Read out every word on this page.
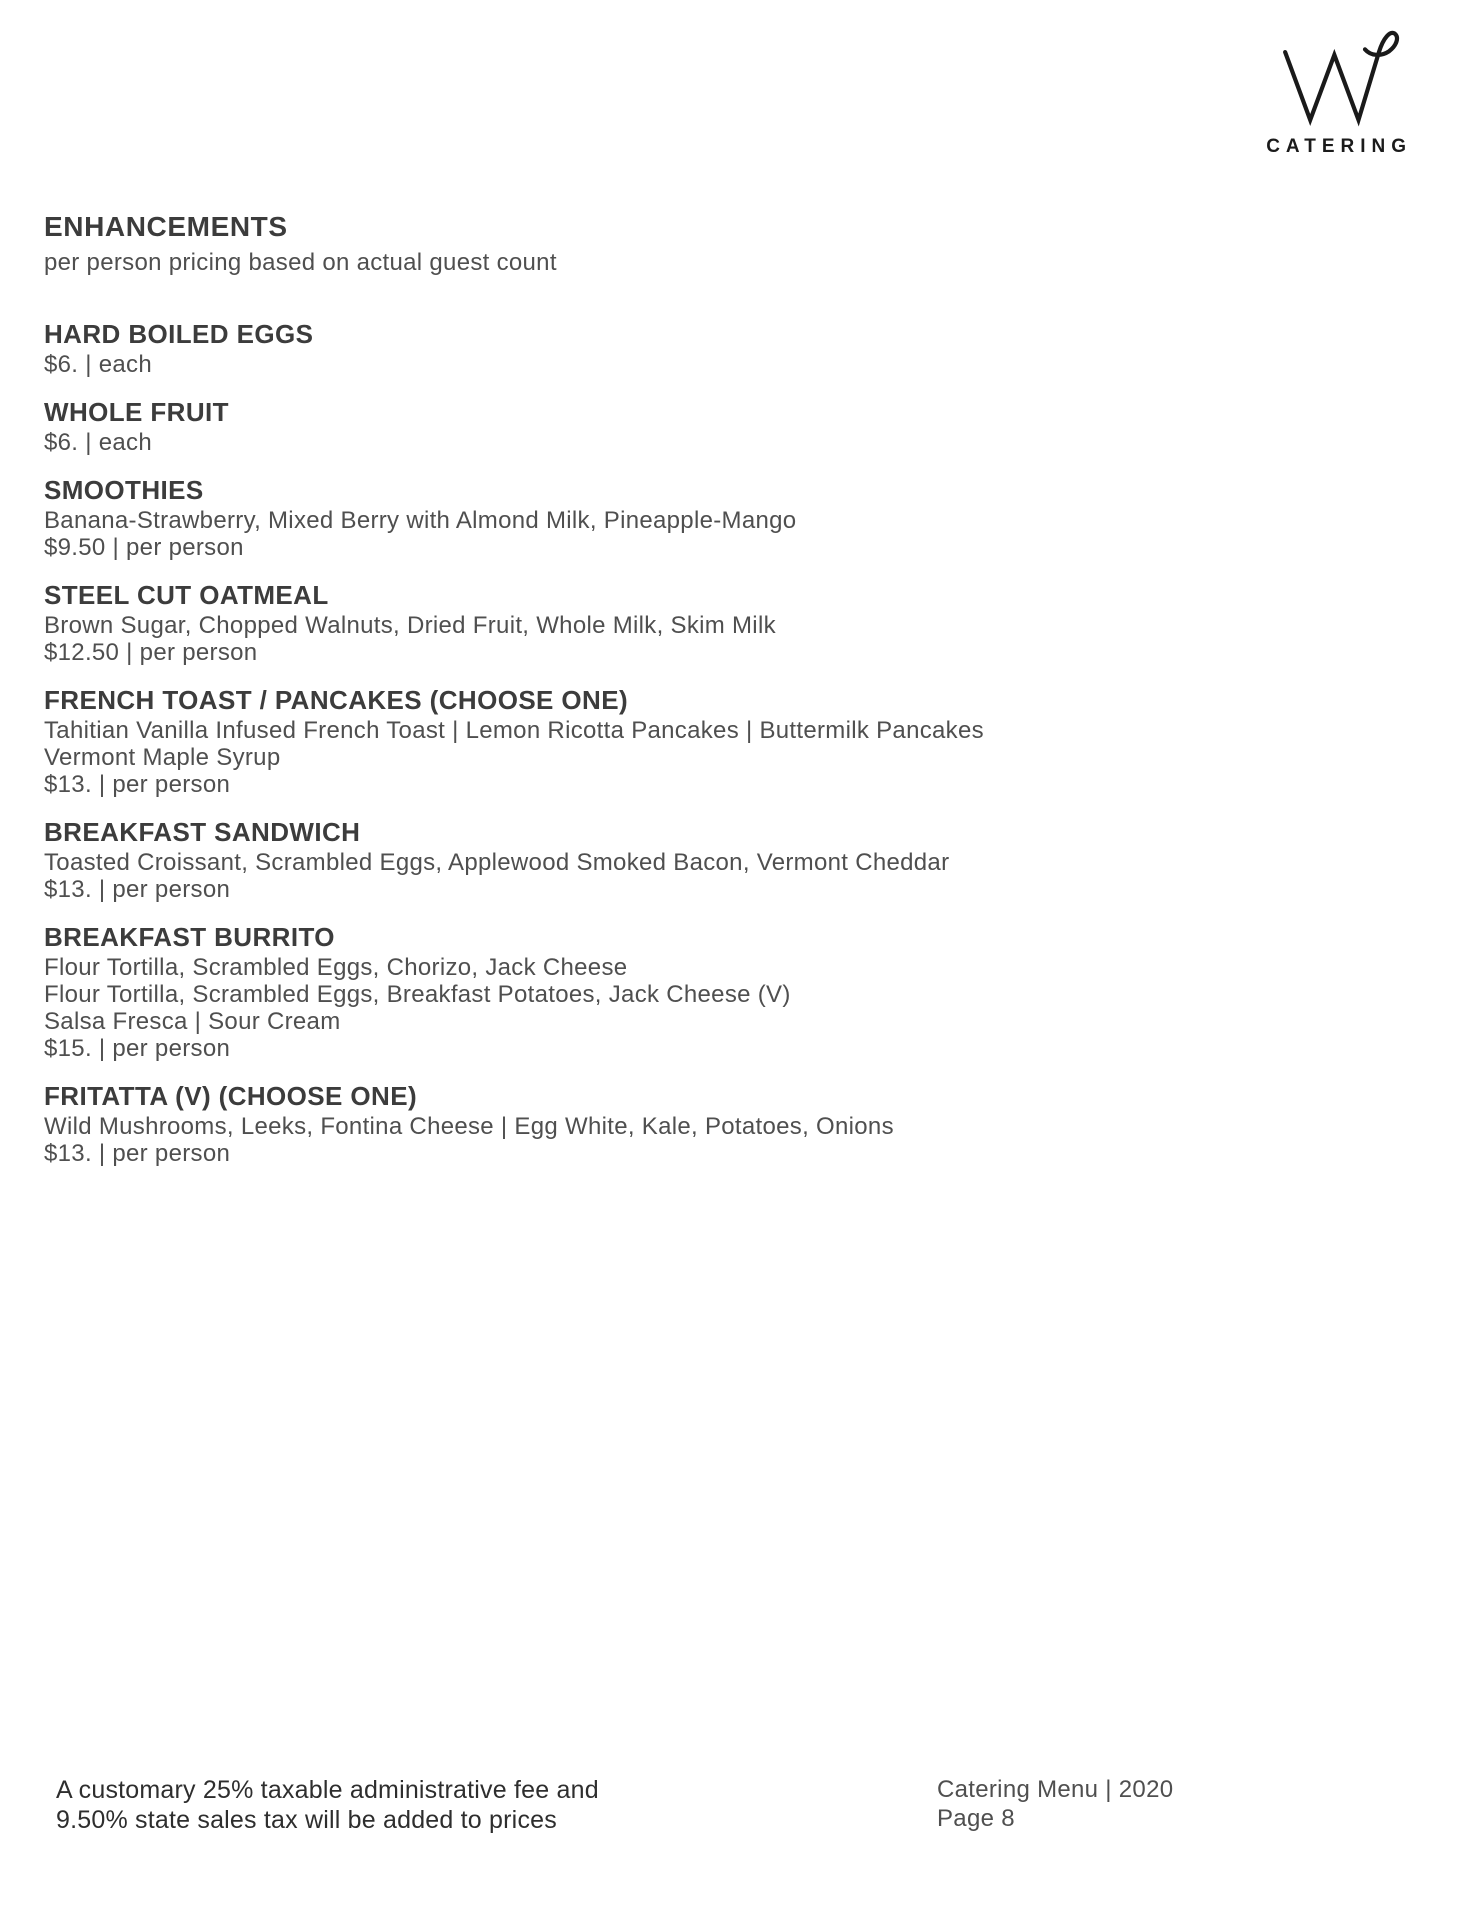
CATERING
ENHANCEMENTS

per person pricing based on actual guest count

HARD BOILED EGGS

$6. | each

WHOLE FRUIT

$6. | each

SMOOTHIES

Banana-Strawberry, Mixed Berry with Almond Milk, Pineapple-Mango

$9.50 | per person

STEEL CUT OATMEAL

Brown Sugar, Chopped Walnuts, Dried Fruit, Whole Milk, Skim Milk

$12.50 | per person

FRENCH TOAST / PANCAKES (CHOOSE ONE)

Tahitian Vanilla Infused French Toast | Lemon Ricotta Pancakes | Buttermilk Pancakes

Vermont Maple Syrup

$13. | per person

BREAKFAST SANDWICH

Toasted Croissant, Scrambled Eggs, Applewood Smoked Bacon, Vermont Cheddar

$13. | per person

BREAKFAST BURRITO

Flour Tortilla, Scrambled Eggs, Chorizo, Jack Cheese

Flour Tortilla, Scrambled Eggs, Breakfast Potatoes, Jack Cheese (V)

Salsa Fresca | Sour Cream

$15. | per person

FRITATTA (V) (CHOOSE ONE)

Wild Mushrooms, Leeks, Fontina Cheese | Egg White, Kale, Potatoes, Onions

$13. | per person

A customary 25% taxable administrative fee and

9.50% state sales tax will be added to prices

Catering Menu | 2020

Page 8
